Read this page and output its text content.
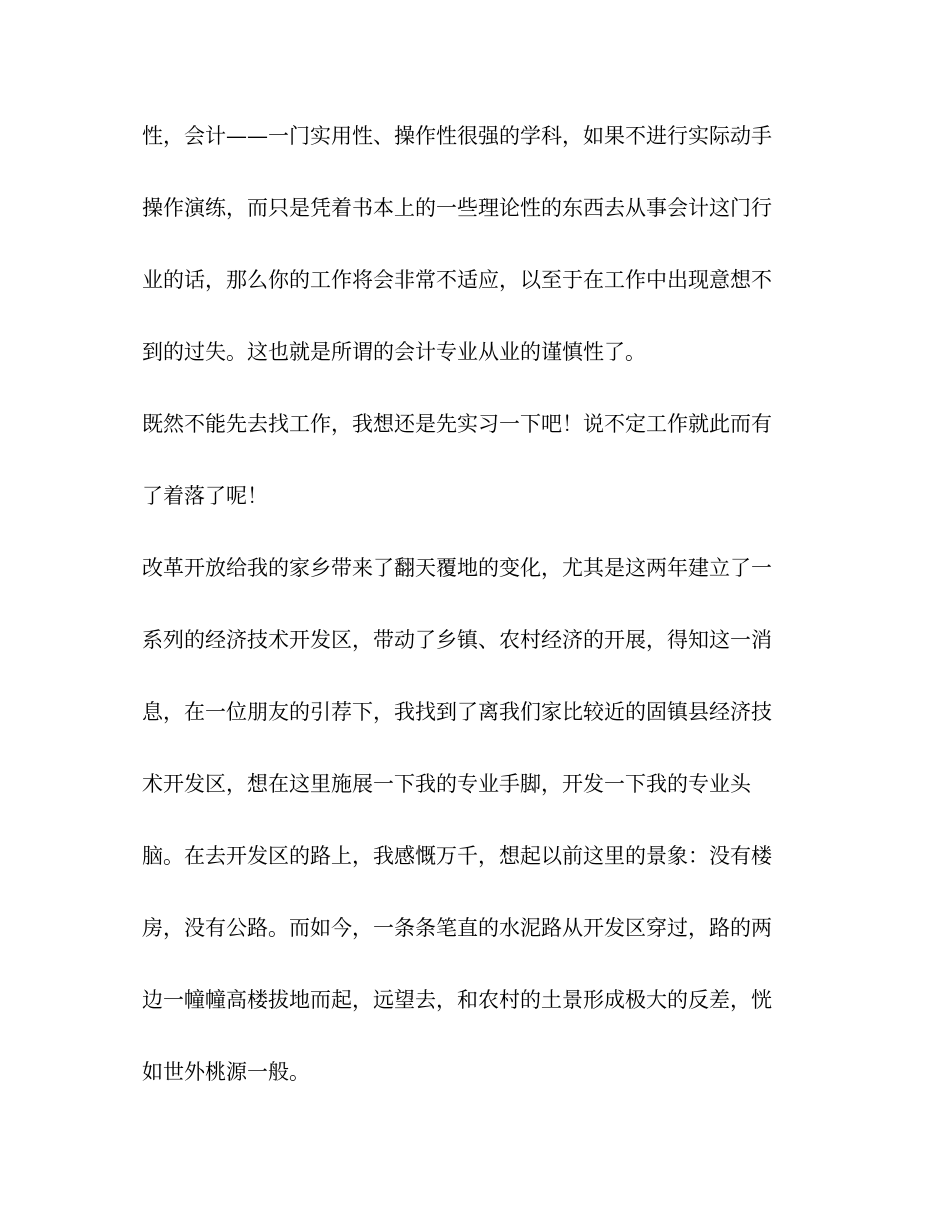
性，会计——一门实用性、操作性很强的学科，如果不进行实际动手
操作演练，而只是凭着书本上的一些理论性的东西去从事会计这门行
业的话，那么你的工作将会非常不适应，以至于在工作中出现意想不
到的过失。这也就是所谓的会计专业从业的谨慎性了。
既然不能先去找工作，我想还是先实习一下吧！说不定工作就此而有
了着落了呢！
改革开放给我的家乡带来了翻天覆地的变化，尤其是这两年建立了一
系列的经济技术开发区，带动了乡镇、农村经济的开展，得知这一消
息，在一位朋友的引荐下，我找到了离我们家比较近的固镇县经济技
术开发区，想在这里施展一下我的专业手脚，开发一下我的专业头
脑。在去开发区的路上，我感慨万千，想起以前这里的景象：没有楼
房，没有公路。而如今，一条条笔直的水泥路从开发区穿过，路的两
边一幢幢高楼拔地而起，远望去，和农村的土景形成极大的反差，恍
如世外桃源一般。
